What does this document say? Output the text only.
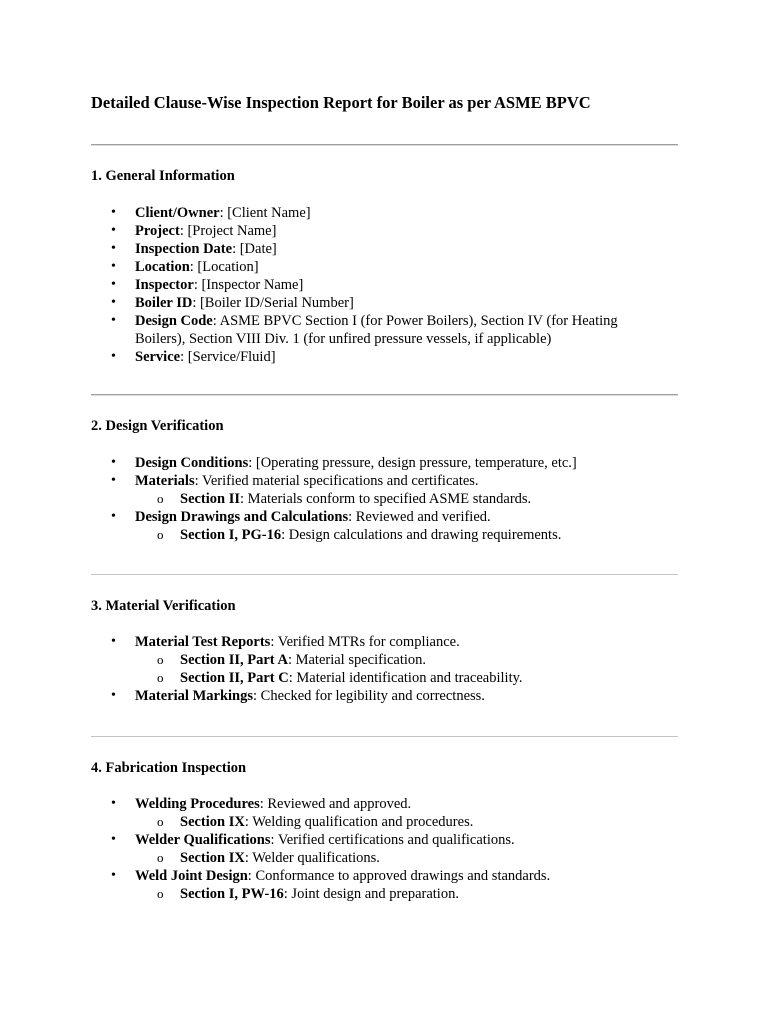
Detailed Clause-Wise Inspection Report for Boiler as per ASME BPVC
1. General Information
• Client/Owner: [Client Name]
• Project: [Project Name]
• Inspection Date: [Date]
• Location: [Location]
• Inspector: [Inspector Name]
• Boiler ID: [Boiler ID/Serial Number]
• Design Code: ASME BPVC Section I (for Power Boilers), Section IV (for Heating
Boilers), Section VIII Div. 1 (for unfired pressure vessels, if applicable)
• Service: [Service/Fluid]
2. Design Verification
• Design Conditions: [Operating pressure, design pressure, temperature, etc.]
• Materials: Verified material specifications and certificates.
o Section II: Materials conform to specified ASME standards.
• Design Drawings and Calculations: Reviewed and verified.
o Section I, PG-16: Design calculations and drawing requirements.
3. Material Verification
• Material Test Reports: Verified MTRs for compliance.
o Section II, Part A: Material specification.
o Section II, Part C: Material identification and traceability.
• Material Markings: Checked for legibility and correctness.
4. Fabrication Inspection
• Welding Procedures: Reviewed and approved.
o Section IX: Welding qualification and procedures.
• Welder Qualifications: Verified certifications and qualifications.
o Section IX: Welder qualifications.
• Weld Joint Design: Conformance to approved drawings and standards.
o Section I, PW-16: Joint design and preparation.
